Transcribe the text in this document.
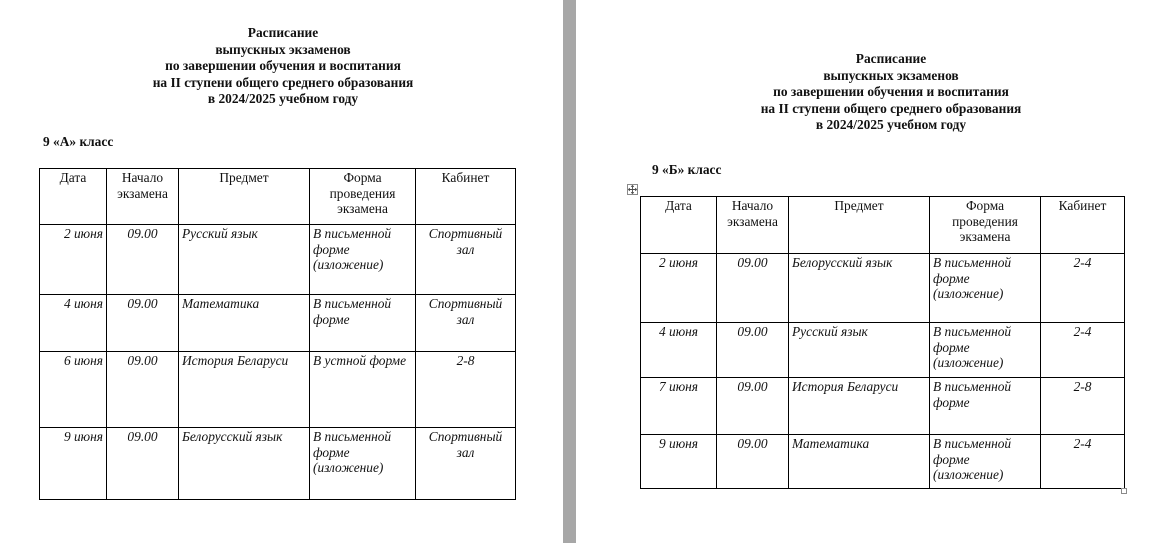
Расписание
выпускных экзаменов
по завершении обучения и воспитания
на II ступени общего среднего образования
в 2024/2025 учебном году
9 «А» класс
Дата	Начало экзамена	Предмет	Форма проведения экзамена	Кабинет
2 июня	09.00	Русский язык	В письменной форме (изложение)	Спортивный зал
4 июня	09.00	Математика	В письменной форме	Спортивный зал
6 июня	09.00	История Беларуси	В устной форме	2-8
9 июня	09.00	Белорусский язык	В письменной форме (изложение)	Спортивный зал
Расписание
выпускных экзаменов
по завершении обучения и воспитания
на II ступени общего среднего образования
в 2024/2025 учебном году
9 «Б» класс
Дата	Начало экзамена	Предмет	Форма проведения экзамена	Кабинет
2 июня	09.00	Белорусский язык	В письменной форме (изложение)	2-4
4 июня	09.00	Русский язык	В письменной форме (изложение)	2-4
7 июня	09.00	История Беларуси	В письменной форме	2-8
9 июня	09.00	Математика	В письменной форме (изложение)	2-4
